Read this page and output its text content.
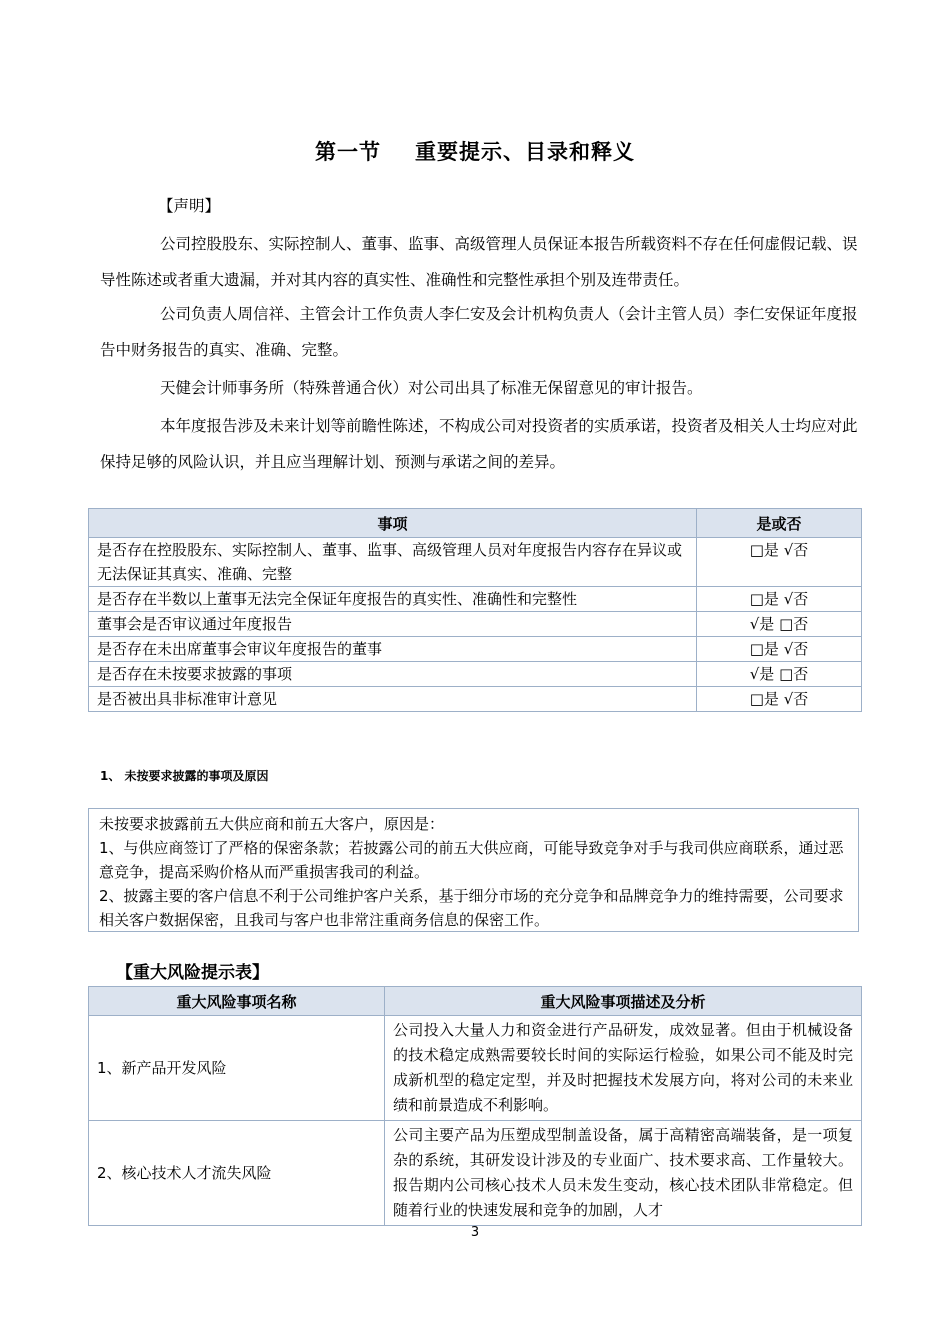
第一节 重要提示、目录和释义
【声明】
公司控股股东、实际控制人、董事、监事、高级管理人员保证本报告所载资料不存在任何虚假记载、误导性陈述或者重大遗漏，并对其内容的真实性、准确性和完整性承担个别及连带责任。
公司负责人周信祥、主管会计工作负责人李仁安及会计机构负责人（会计主管人员）李仁安保证年度报告中财务报告的真实、准确、完整。
天健会计师事务所（特殊普通合伙）对公司出具了标准无保留意见的审计报告。
本年度报告涉及未来计划等前瞻性陈述，不构成公司对投资者的实质承诺，投资者及相关人士均应对此保持足够的风险认识，并且应当理解计划、预测与承诺之间的差异。
事项	是或否
是否存在控股股东、实际控制人、董事、监事、高级管理人员对年度报告内容存在异议或无法保证其真实、准确、完整	□是 √否
是否存在半数以上董事无法完全保证年度报告的真实性、准确性和完整性	□是 √否
董事会是否审议通过年度报告	√是 □否
是否存在未出席董事会审议年度报告的董事	□是 √否
是否存在未按要求披露的事项	√是 □否
是否被出具非标准审计意见	□是 √否
1、 未按要求披露的事项及原因
未按要求披露前五大供应商和前五大客户，原因是：
1、与供应商签订了严格的保密条款；若披露公司的前五大供应商，可能导致竞争对手与我司供应商联系，通过恶意竞争，提高采购价格从而严重损害我司的利益。
2、披露主要的客户信息不利于公司维护客户关系，基于细分市场的充分竞争和品牌竞争力的维持需要，公司要求相关客户数据保密，且我司与客户也非常注重商务信息的保密工作。
【重大风险提示表】
重大风险事项名称	重大风险事项描述及分析
1、新产品开发风险	公司投入大量人力和资金进行产品研发，成效显著。但由于机械设备的技术稳定成熟需要较长时间的实际运行检验，如果公司不能及时完成新机型的稳定定型，并及时把握技术发展方向，将对公司的未来业绩和前景造成不利影响。
2、核心技术人才流失风险	公司主要产品为压塑成型制盖设备，属于高精密高端装备，是一项复杂的系统，其研发设计涉及的专业面广、技术要求高、工作量较大。报告期内公司核心技术人员未发生变动，核心技术团队非常稳定。但随着行业的快速发展和竞争的加剧，人才
3
